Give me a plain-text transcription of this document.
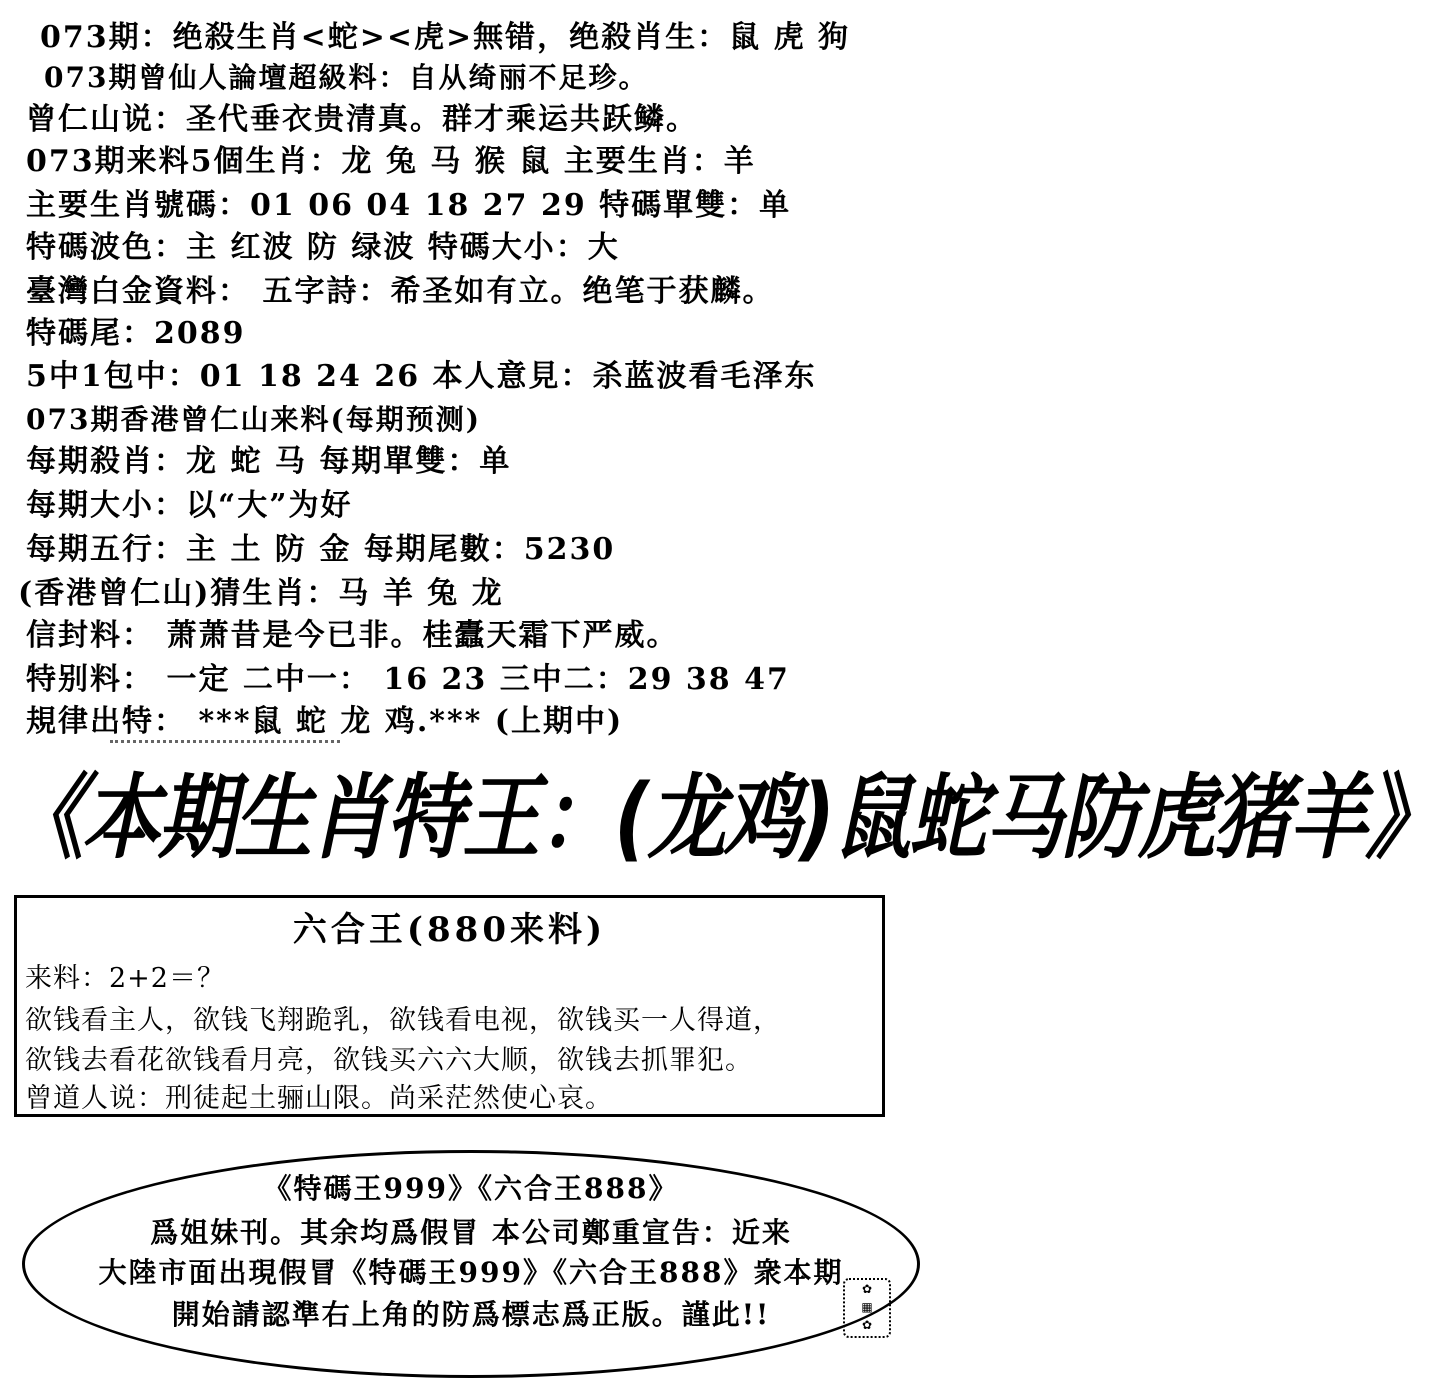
073期：绝殺生肖<蛇><虎>無错，绝殺肖生：鼠 虎 狗
073期曾仙人論壇超級料：自从绮丽不足珍。
曾仁山说：圣代垂衣贵清真。群才乘运共跃鳞。
073期来料5個生肖：龙 兔 马 猴 鼠 主要生肖：羊
主要生肖號碼：01 06 04 18 27 29 特碼單雙：单
特碼波色：主 红波 防 绿波 特碼大小：大
臺灣白金資料： 五字詩：希圣如有立。绝笔于获麟。
特碼尾：2089
5中1包中：01 18 24 26 本人意見：杀蓝波看毛泽东
073期香港曾仁山来料(每期预测)
每期殺肖：龙 蛇 马 每期單雙：单
每期大小：以“大”为好
每期五行：主 土 防 金 每期尾數：5230
(香港曾仁山)猜生肖：马 羊 兔 龙
信封料： 萧萧昔是今已非。桂蠹天霜下严威。
特别料： 一定 二中一： 16 23 三中二：29 38 47
規律出特： ***鼠 蛇 龙 鸡.*** (上期中)
《本期生肖特王：(龙鸡)鼠蛇马防虎猪羊》
六合王(880来料)
来料：2+2＝？
欲钱看主人，欲钱飞翔跪乳，欲钱看电视，欲钱买一人得道，
欲钱去看花欲钱看月亮，欲钱买六六大顺，欲钱去抓罪犯。
曾道人说：刑徒起土骊山限。尚采茫然使心哀。
《特碼王999》《六合王888》
爲姐妹刊。其余均爲假冒 本公司鄭重宣告：近来
大陸市面出現假冒《特碼王999》《六合王888》衆本期
開始請認準右上角的防爲標志爲正版。謹此!!
✿
▦
✿
